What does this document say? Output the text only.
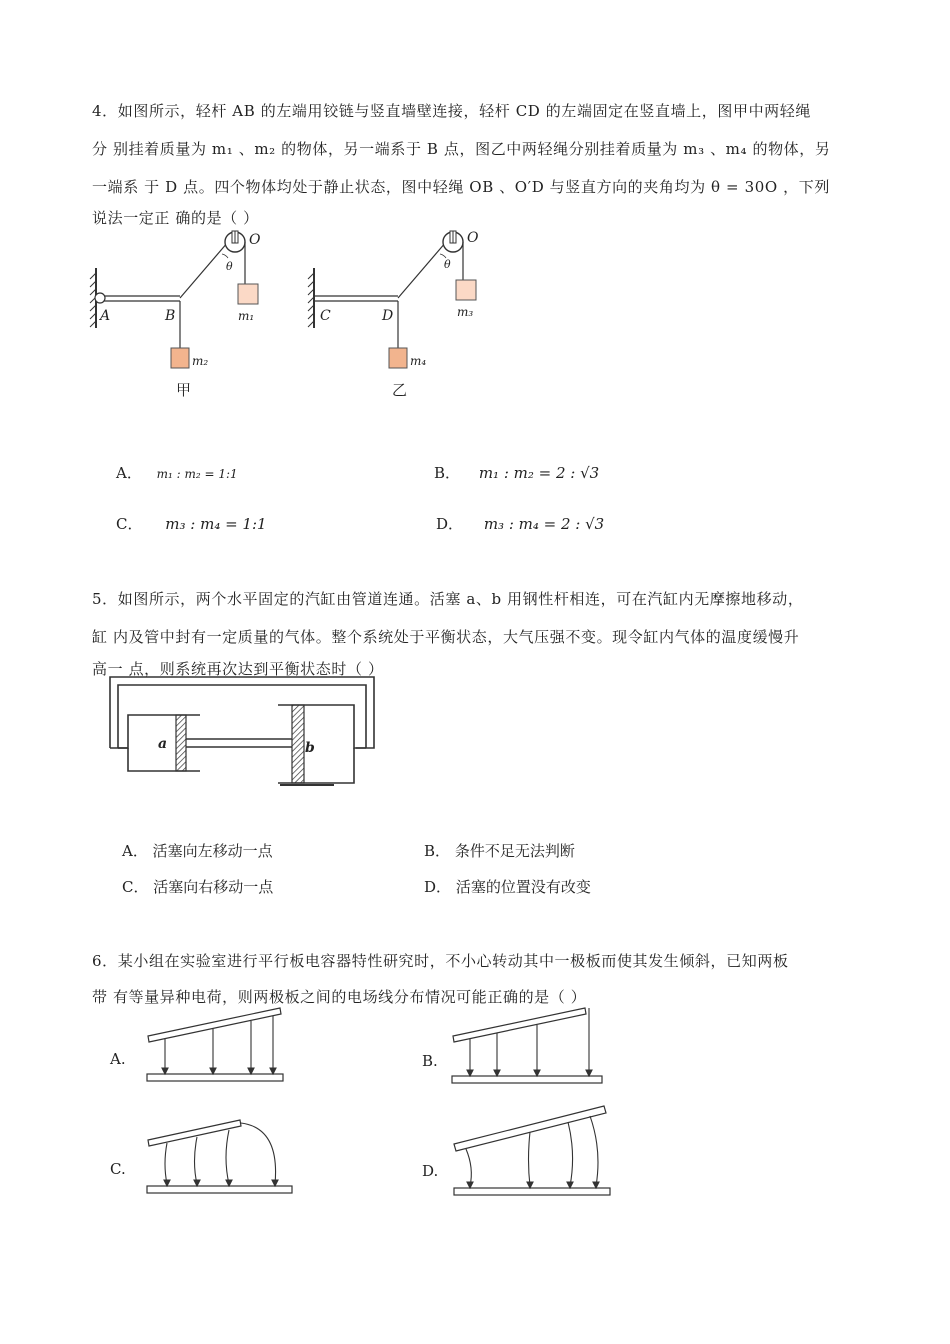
4．如图所示，轻杆 AB 的左端用铰链与竖直墙壁连接，轻杆 CD 的左端固定在竖直墙上，图甲中两轻绳
分 别挂着质量为 m₁ 、m₂ 的物体，另一端系于 B 点，图乙中两轻绳分别挂着质量为 m₃ 、m₄ 的物体，另
一端系 于 D 点。四个物体均处于静止状态，图中轻绳 OB 、O′D 与竖直方向的夹角均为 θ = 30O ，下列
说法一定正 确的是（ ）
A	B
O
θ
m₁
m₂
甲
C	D
O
θ
m₃
m₄
乙
A． m₁ : m₂ = 1:1	B． m₁ : m₂ = 2 : √3
C． m₃ : m₄ = 1:1	D． m₃ : m₄ = 2 : √3
5．如图所示，两个水平固定的汽缸由管道连通。活塞 a、b 用钢性杆相连，可在汽缸内无摩擦地移动，
缸 内及管中封有一定质量的气体。整个系统处于平衡状态，大气压强不变。现令缸内气体的温度缓慢升
高一 点，则系统再次达到平衡状态时（ ）
a	b
A． 活塞向左移动一点	B． 条件不足无法判断
C． 活塞向右移动一点	D． 活塞的位置没有改变
6．某小组在实验室进行平行板电容器特性研究时，不小心转动其中一极板而使其发生倾斜，已知两板
带 有等量异种电荷，则两极板之间的电场线分布情况可能正确的是（ ）
A.	B.
C.	D.
